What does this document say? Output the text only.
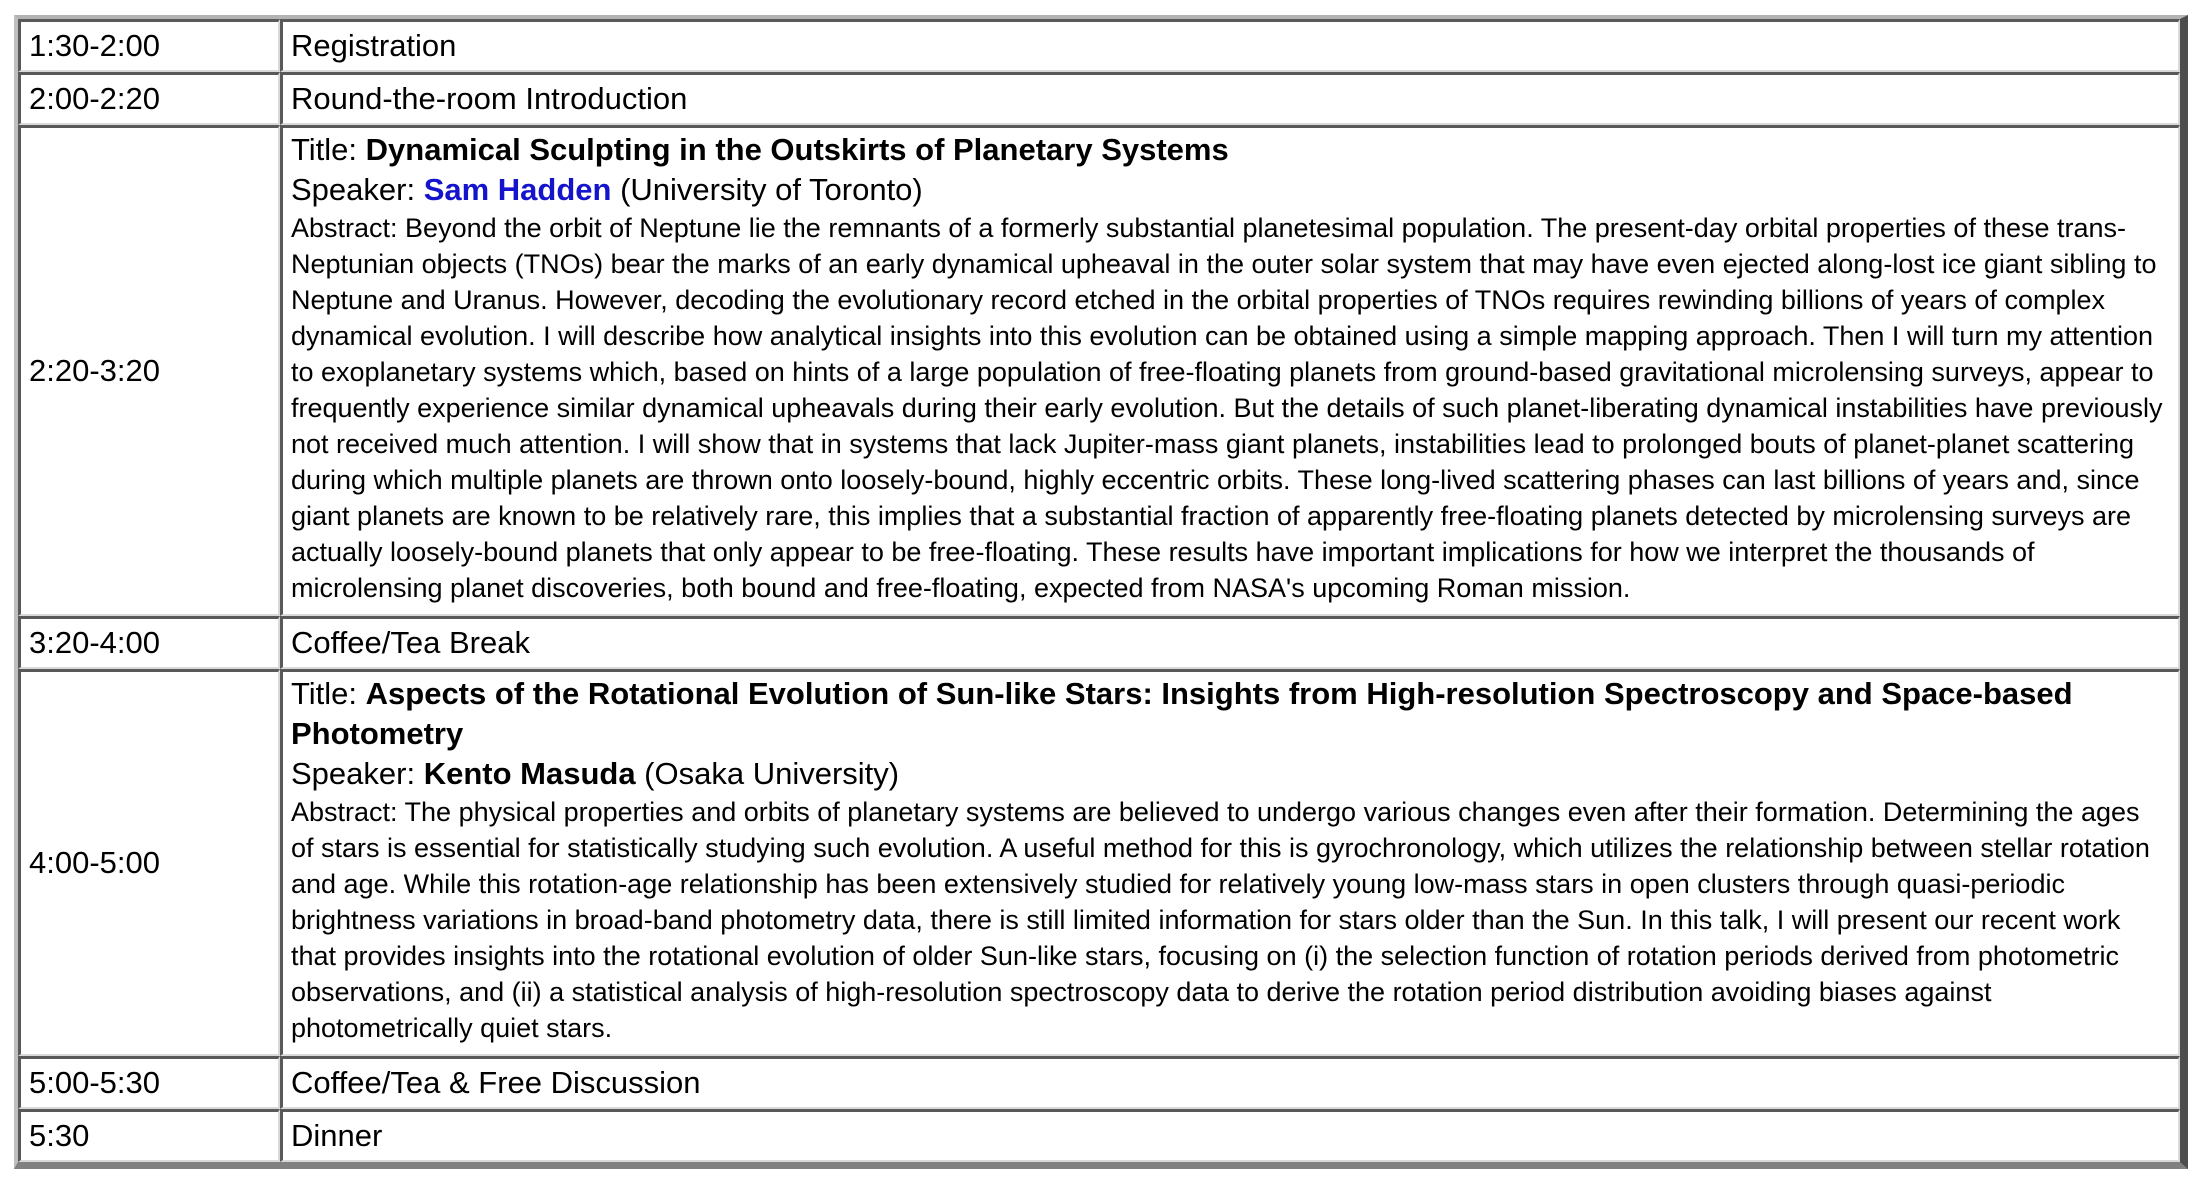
1:30-2:00	Registration
2:00-2:20	Round-the-room Introduction
2:20-3:20	Title: Dynamical Sculpting in the Outskirts of Planetary Systems
Speaker: Sam Hadden (University of Toronto)
Abstract: Beyond the orbit of Neptune lie the remnants of a formerly substantial planetesimal population. The present-day orbital properties of these trans-Neptunian objects (TNOs) bear the marks of an early dynamical upheaval in the outer solar system that may have even ejected along-lost ice giant sibling to Neptune and Uranus. However, decoding the evolutionary record etched in the orbital properties of TNOs requires rewinding billions of years of complex dynamical evolution. I will describe how analytical insights into this evolution can be obtained using a simple mapping approach. Then I will turn my attention to exoplanetary systems which, based on hints of a large population of free-floating planets from ground-based gravitational microlensing surveys, appear to frequently experience similar dynamical upheavals during their early evolution. But the details of such planet-liberating dynamical instabilities have previously not received much attention. I will show that in systems that lack Jupiter-mass giant planets, instabilities lead to prolonged bouts of planet-planet scattering during which multiple planets are thrown onto loosely-bound, highly eccentric orbits. These long-lived scattering phases can last billions of years and, since giant planets are known to be relatively rare, this implies that a substantial fraction of apparently free-floating planets detected by microlensing surveys are actually loosely-bound planets that only appear to be free-floating. These results have important implications for how we interpret the thousands of microlensing planet discoveries, both bound and free-floating, expected from NASA's upcoming Roman mission.

3:20-4:00	Coffee/Tea Break
4:00-5:00	Title: Aspects of the Rotational Evolution of Sun-like Stars: Insights from High-resolution Spectroscopy and Space-based Photometry
Speaker: Kento Masuda (Osaka University)
Abstract: The physical properties and orbits of planetary systems are believed to undergo various changes even after their formation. Determining the ages of stars is essential for statistically studying such evolution. A useful method for this is gyrochronology, which utilizes the relationship between stellar rotation and age. While this rotation-age relationship has been extensively studied for relatively young low-mass stars in open clusters through quasi-periodic brightness variations in broad-band photometry data, there is still limited information for stars older than the Sun. In this talk, I will present our recent work that provides insights into the rotational evolution of older Sun-like stars, focusing on (i) the selection function of rotation periods derived from photometric observations, and (ii) a statistical analysis of high-resolution spectroscopy data to derive the rotation period distribution avoiding biases against photometrically quiet stars.

5:00-5:30	Coffee/Tea & Free Discussion
5:30	Dinner
